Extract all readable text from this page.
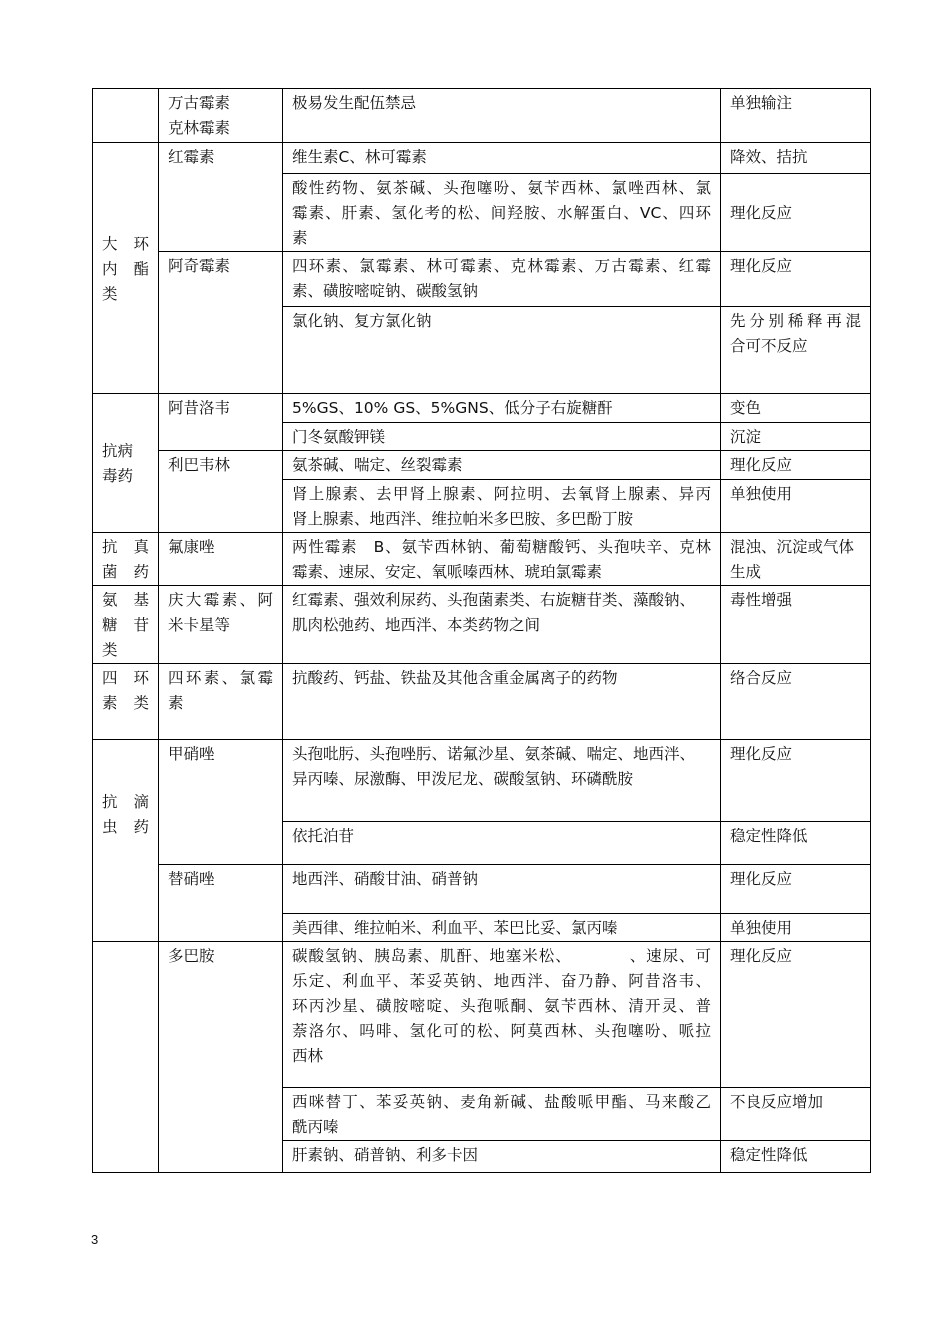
	万古霉素
克林霉素	极易发生配伍禁忌	单独输注

大　环
内　酯
类	红霉素	维生素C、林可霉素	降效、拮抗

		酸性药物、氨茶碱、头孢噻吩、氨苄西林、氯唑西林、氯
霉素、肝素、氢化考的松、间羟胺、水解蛋白、VC、四环
素	理化反应

	阿奇霉素	四环素、氯霉素、林可霉素、克林霉素、万古霉素、红霉
素、磺胺嘧啶钠、碳酸氢钠	理化反应

		氯化钠、复方氯化钠	先分别稀释再混
合可不反应

抗病
毒药	阿昔洛韦	5%GS、10% GS、5%GNS、低分子右旋糖酐	变色

		门冬氨酸钾镁	沉淀

	利巴韦林	氨茶碱、喘定、丝裂霉素	理化反应

		肾上腺素、去甲肾上腺素、阿拉明、去氧肾上腺素、异丙
肾上腺素、地西泮、维拉帕米多巴胺、多巴酚丁胺	单独使用

抗　真
菌药	氟康唑	两性霉素　B、氨苄西林钠、葡萄糖酸钙、头孢呋辛、克林
霉素、速尿、安定、氧哌嗪西林、琥珀氯霉素	混浊、沉淀或气体
生成

氨　基
糖　苷
类	庆大霉素、阿
米卡星等	红霉素、强效利尿药、头孢菌素类、右旋糖苷类、藻酸钠、
肌肉松弛药、地西泮、本类药物之间	毒性增强

四　环
素类	四环素、氯霉
素	抗酸药、钙盐、铁盐及其他含重金属离子的药物	络合反应

抗　滴
虫药	甲硝唑	头孢吡肟、头孢唑肟、诺氟沙星、氨茶碱、喘定、地西泮、
异丙嗪、尿激酶、甲泼尼龙、碳酸氢钠、环磷酰胺	理化反应

		依托泊苷	稳定性降低

	替硝唑	地西泮、硝酸甘油、硝普钠	理化反应

		美西律、维拉帕米、利血平、苯巴比妥、氯丙嗪	单独使用

	多巴胺	碳酸氢钠、胰岛素、肌酐、地塞米松、　　　　、速尿、可
乐定、利血平、苯妥英钠、地西泮、奋乃静、阿昔洛韦、
环丙沙星、磺胺嘧啶、头孢哌酮、氨苄西林、清开灵、普
萘洛尔、吗啡、氢化可的松、阿莫西林、头孢噻吩、哌拉
西林	理化反应

		西咪替丁、苯妥英钠、麦角新碱、盐酸哌甲酯、马来酸乙
酰丙嗪	不良反应增加

		肝素钠、硝普钠、利多卡因	稳定性降低
3
